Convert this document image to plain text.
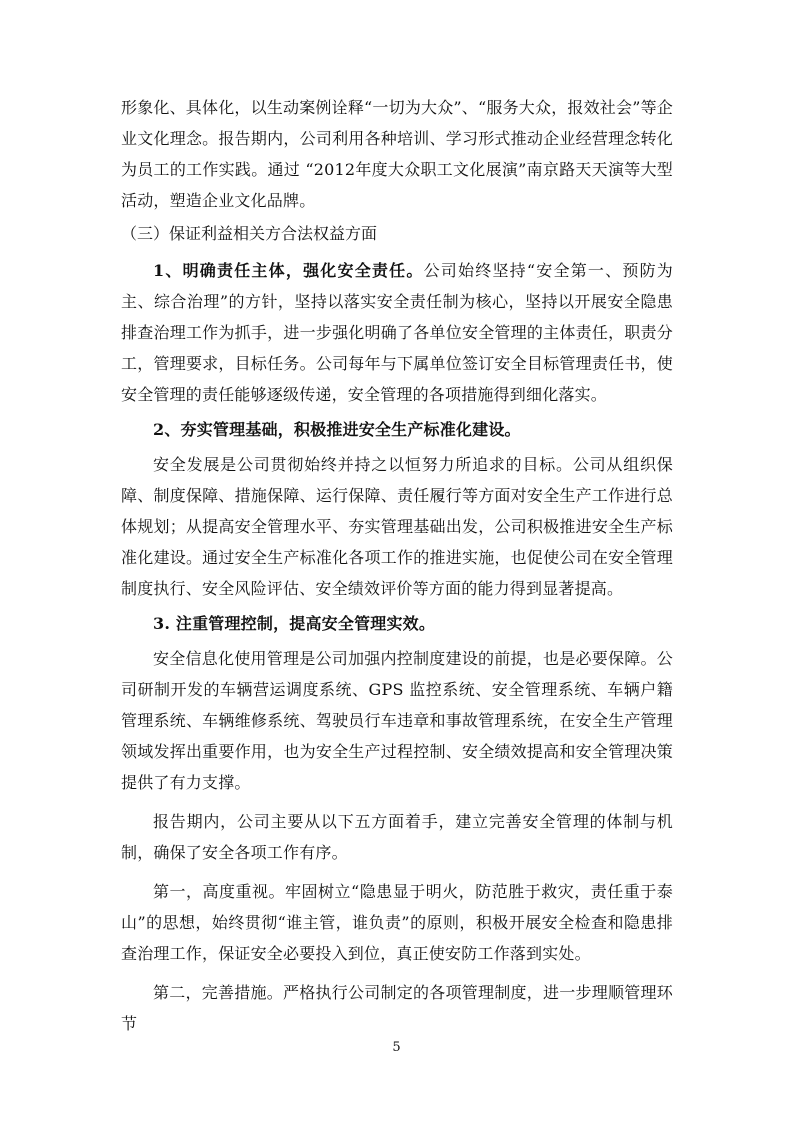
形象化、具体化，以生动案例诠释“一切为大众”、“服务大众，报效社会”等企业文化理念。报告期内，公司利用各种培训、学习形式推动企业经营理念转化为员工的工作实践。通过 “2012年度大众职工文化展演”南京路天天演等大型活动，塑造企业文化品牌。

（三）保证利益相关方合法权益方面

1、明确责任主体，强化安全责任。公司始终坚持“安全第一、预防为主、综合治理”的方针，坚持以落实安全责任制为核心，坚持以开展安全隐患排查治理工作为抓手，进一步强化明确了各单位安全管理的主体责任，职责分工，管理要求，目标任务。公司每年与下属单位签订安全目标管理责任书，使安全管理的责任能够逐级传递，安全管理的各项措施得到细化落实。

2、夯实管理基础，积极推进安全生产标准化建设。

安全发展是公司贯彻始终并持之以恒努力所追求的目标。公司从组织保障、制度保障、措施保障、运行保障、责任履行等方面对安全生产工作进行总体规划；从提高安全管理水平、夯实管理基础出发，公司积极推进安全生产标准化建设。通过安全生产标准化各项工作的推进实施，也促使公司在安全管理制度执行、安全风险评估、安全绩效评价等方面的能力得到显著提高。

3. 注重管理控制，提高安全管理实效。

安全信息化使用管理是公司加强内控制度建设的前提，也是必要保障。公司研制开发的车辆营运调度系统、GPS 监控系统、安全管理系统、车辆户籍管理系统、车辆维修系统、驾驶员行车违章和事故管理系统，在安全生产管理领域发挥出重要作用，也为安全生产过程控制、安全绩效提高和安全管理决策提供了有力支撑。

报告期内，公司主要从以下五方面着手，建立完善安全管理的体制与机制，确保了安全各项工作有序。

第一，高度重视。牢固树立“隐患显于明火，防范胜于救灾，责任重于泰山”的思想，始终贯彻“谁主管，谁负责”的原则，积极开展安全检查和隐患排查治理工作，保证安全必要投入到位，真正使安防工作落到实处。

第二，完善措施。严格执行公司制定的各项管理制度，进一步理顺管理环节

5
